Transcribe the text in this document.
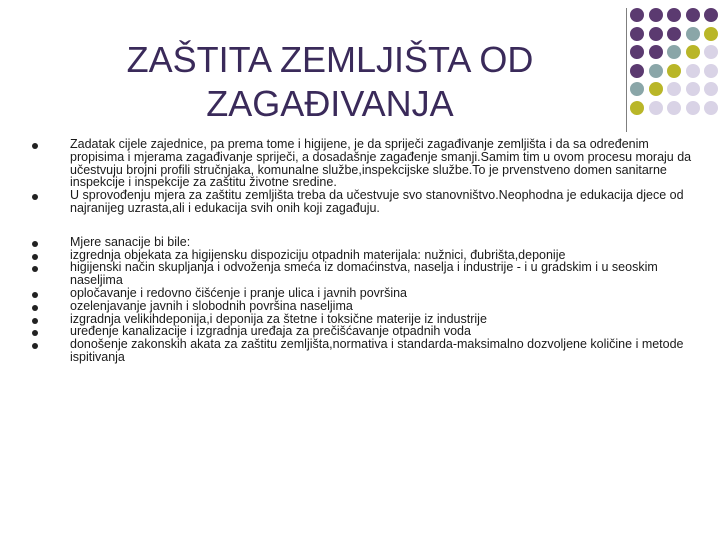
ZAŠTITA ZEMLJIŠTA OD
ZAGAĐIVANJA
Zadatak cijele zajednice, pa prema tome i higijene, je da spriječi zagađivanje zemljišta i da sa određenim propisima i mjerama zagađivanje spriječi, a dosadašnje zagađenje smanji.Samim tim u ovom procesu moraju da učestvuju brojni profili stručnjaka, komunalne službe,inspekcijske službe.To je prvenstveno domen sanitarne inspekcije i inspekcije za zaštitu životne sredine.
U sprovođenju mjera za zaštitu zemljišta treba da učestvuje svo stanovništvo.Neophodna je edukacija djece od najranijeg uzrasta,ali i edukacija svih onih koji zagađuju.
Mjere sanacije bi bile:
izgrednja objekata za higijensku dispoziciju otpadnih materijala: nužnici, đubrišta,deponije
higijenski način skupljanja i odvoženja smeća iz domaćinstva, naselja i industrije - i u gradskim i u seoskim naseljima
opločavanje i redovno čišćenje i pranje ulica i javnih površina
ozelenjavanje javnih i slobodnih površina naseljima
izgradnja velikihdeponija,i deponija za štetne i toksične materije iz industrije
uređenje kanalizacije i izgradnja uređaja za prečišćavanje otpadnih voda
donošenje zakonskih akata za zaštitu zemljišta,normativa i standarda-maksimalno dozvoljene količine i metode ispitivanja
